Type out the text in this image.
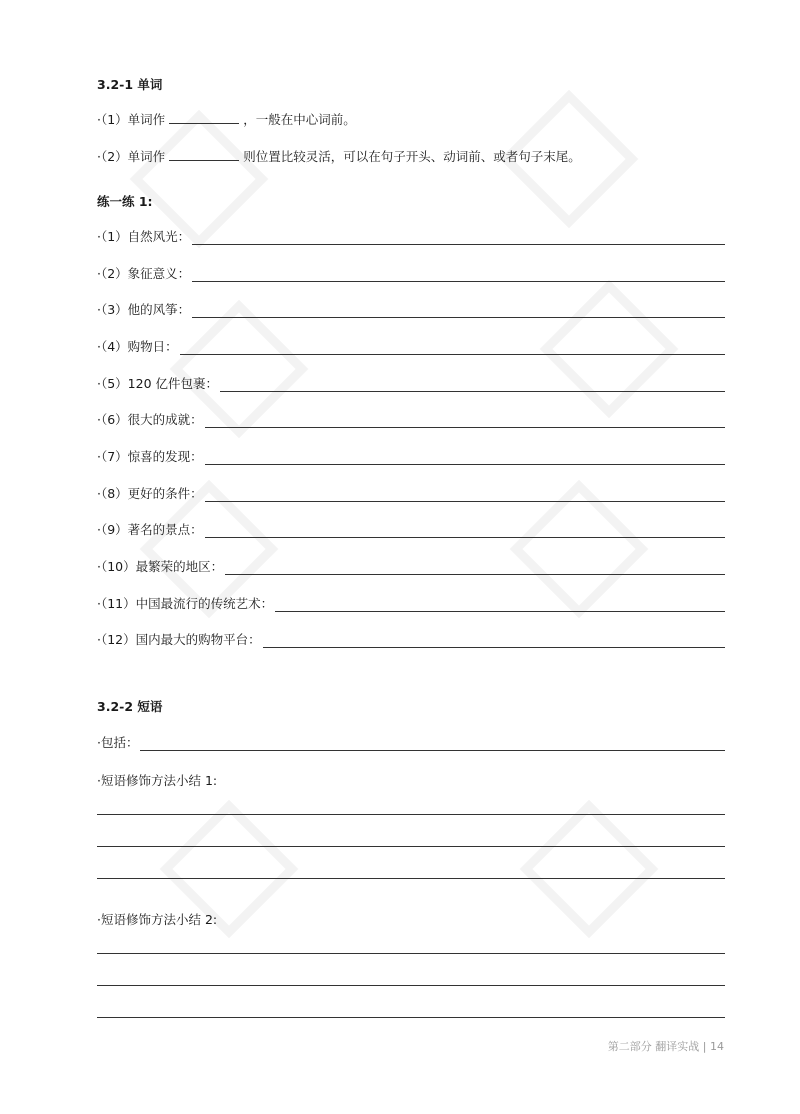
3.2-1 单词
·（1）单词作	，一般在中心词前。
·（2）单词作	则位置比较灵活，可以在句子开头、动词前、或者句子末尾。
练一练 1:
·（1）自然风光：
·（2）象征意义：
·（3）他的风筝：
·（4）购物日：
·（5）120 亿件包裹：
·（6）很大的成就：
·（7）惊喜的发现：
·（8）更好的条件：
·（9）著名的景点：
·（10）最繁荣的地区：
·（11）中国最流行的传统艺术：
·（12）国内最大的购物平台：
3.2-2 短语
·包括：
·短语修饰方法小结 1:
·短语修饰方法小结 2:
第二部分 翻译实战 | 14
